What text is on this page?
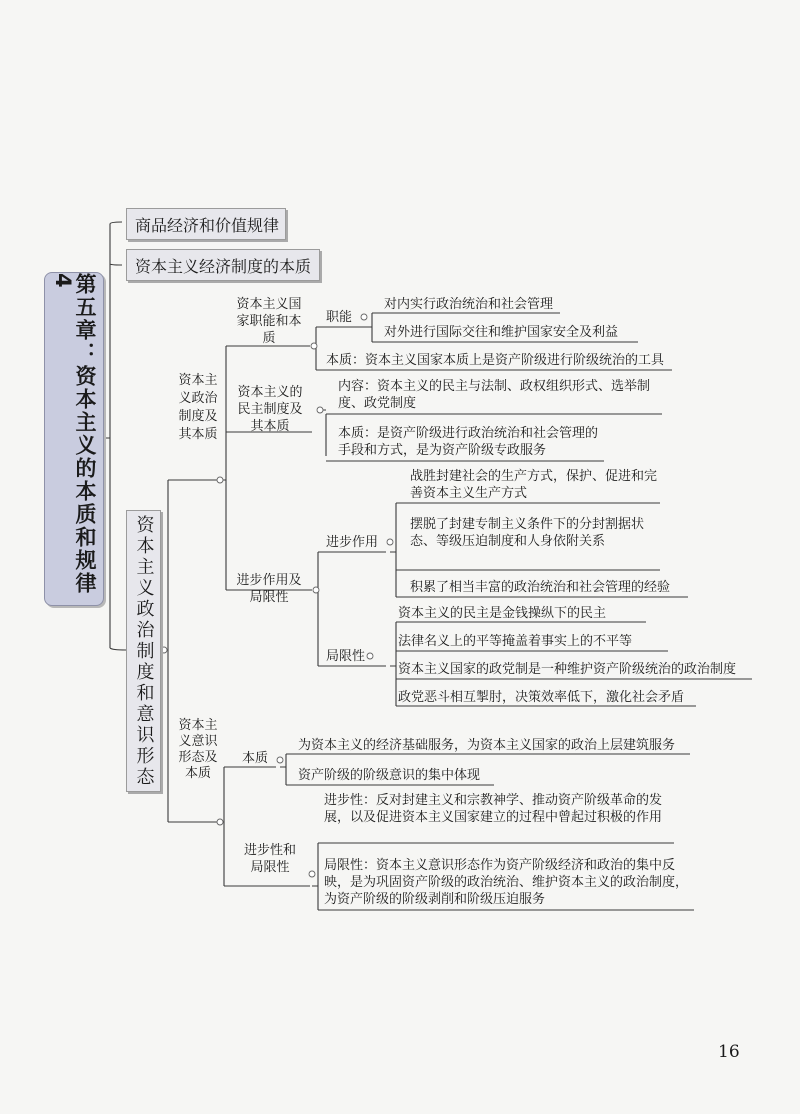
第五章：资本主义的本质和规律4
商品经济和价值规律
资本主义经济制度的本质
资本主义政治制度和意识形态
资本主义政治制度及其本质
资本主义国家职能和本质
职能
对内实行政治统治和社会管理
对外进行国际交往和维护国家安全及利益
本质：资本主义国家本质上是资产阶级进行阶级统治的工具
资本主义的民主制度及其本质
内容：资本主义的民主与法制、政权组织形式、选举制度、政党制度
本质：是资产阶级进行政治统治和社会管理的手段和方式，是为资产阶级专政服务
进步作用及局限性
进步作用
战胜封建社会的生产方式，保护、促进和完善资本主义生产方式
摆脱了封建专制主义条件下的分封割据状态、等级压迫制度和人身依附关系
积累了相当丰富的政治统治和社会管理的经验
局限性
资本主义的民主是金钱操纵下的民主
法律名义上的平等掩盖着事实上的不平等
资本主义国家的政党制是一种维护资产阶级统治的政治制度
政党恶斗相互掣肘，决策效率低下，激化社会矛盾
资本主义意识形态及本质
本质
为资本主义的经济基础服务，为资本主义国家的政治上层建筑服务
资产阶级的阶级意识的集中体现
进步性和局限性
进步性：反对封建主义和宗教神学、推动资产阶级革命的发展，以及促进资本主义国家建立的过程中曾起过积极的作用
局限性：资本主义意识形态作为资产阶级经济和政治的集中反映，是为巩固资产阶级的政治统治、维护资本主义的政治制度，为资产阶级的阶级剥削和阶级压迫服务
16
